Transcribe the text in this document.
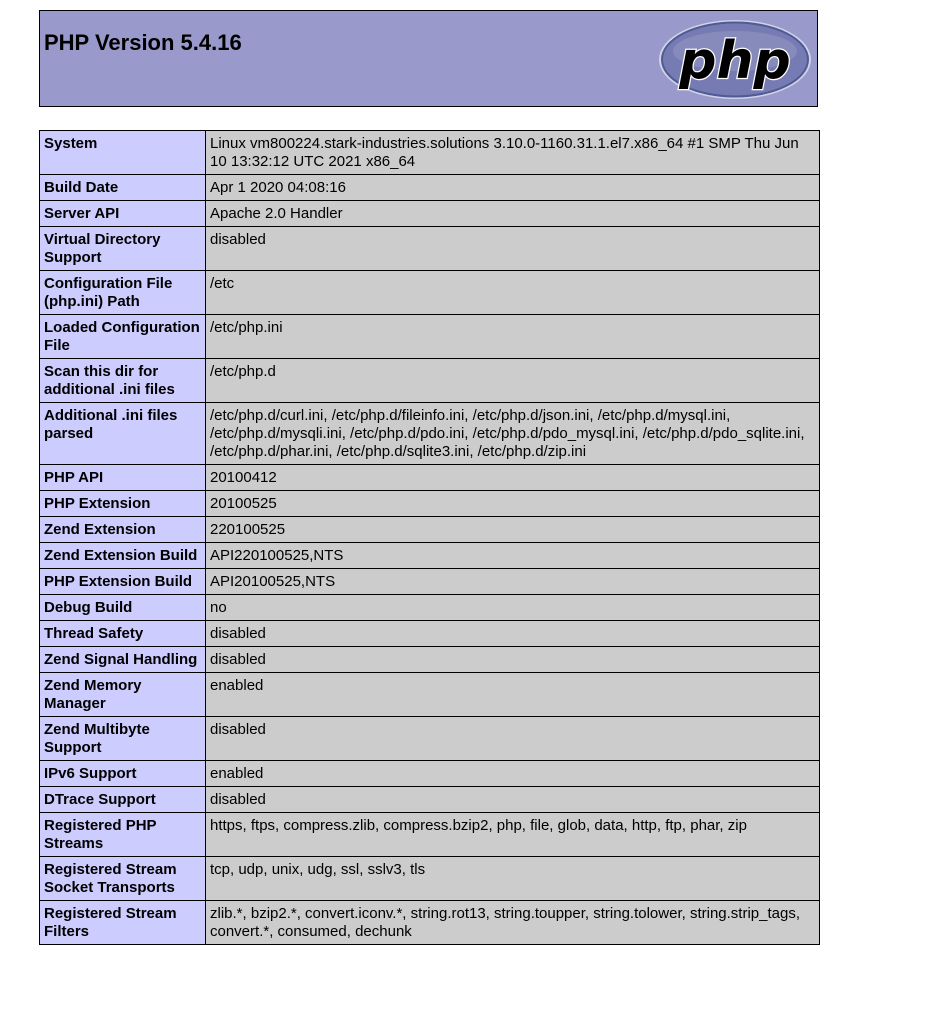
PHP Version 5.4.16	php
System	Linux vm800224.stark-industries.solutions 3.10.0-1160.31.1.el7.x86_64 #1 SMP Thu Jun 10 13:32:12 UTC 2021 x86_64
Build Date	Apr 1 2020 04:08:16
Server API	Apache 2.0 Handler
Virtual Directory Support	disabled
Configuration File (php.ini) Path	/etc
Loaded Configuration File	/etc/php.ini
Scan this dir for additional .ini files	/etc/php.d
Additional .ini files parsed	/etc/php.d/curl.ini, /etc/php.d/fileinfo.ini, /etc/php.d/json.ini, /etc/php.d/mysql.ini, /etc/php.d/mysqli.ini, /etc/php.d/pdo.ini, /etc/php.d/pdo_mysql.ini, /etc/php.d/pdo_sqlite.ini, /etc/php.d/phar.ini, /etc/php.d/sqlite3.ini, /etc/php.d/zip.ini
PHP API	20100412
PHP Extension	20100525
Zend Extension	220100525
Zend Extension Build	API220100525,NTS
PHP Extension Build	API20100525,NTS
Debug Build	no
Thread Safety	disabled
Zend Signal Handling	disabled
Zend Memory Manager	enabled
Zend Multibyte Support	disabled
IPv6 Support	enabled
DTrace Support	disabled
Registered PHP Streams	https, ftps, compress.zlib, compress.bzip2, php, file, glob, data, http, ftp, phar, zip
Registered Stream Socket Transports	tcp, udp, unix, udg, ssl, sslv3, tls
Registered Stream Filters	zlib.*, bzip2.*, convert.iconv.*, string.rot13, string.toupper, string.tolower, string.strip_tags, convert.*, consumed, dechunk
